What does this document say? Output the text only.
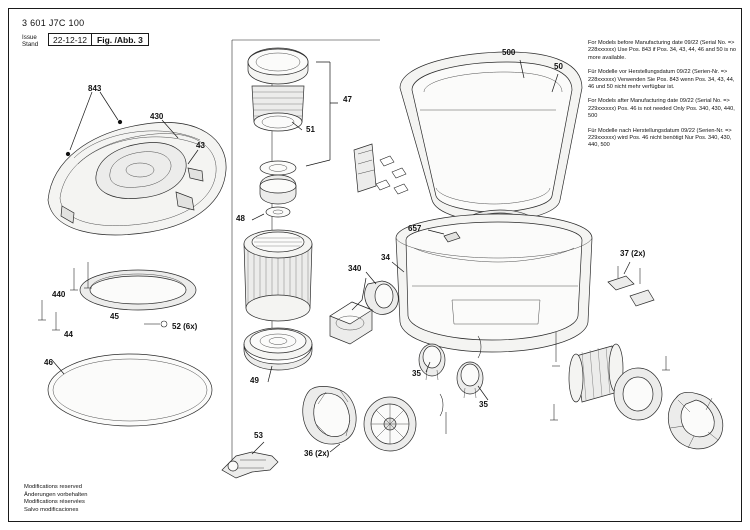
3 601 J7C 100
Issue
Stand	22-12-12	Fig. /Abb. 3	For Models before Manufacturing date 09/22 (Serial No. => 228xxxxxx) Use Pos. 843 if Pos. 34, 43, 44, 46 and 50 is no more available.

Für Modelle vor Herstellungsdatum 09/22 (Serien-Nr. => 228xxxxxx) Verwenden Sie Pos. 843 wenn Pos. 34, 43, 44, 46 und 50 nicht mehr verfügbar ist.

For Models after Manufacturing date 09/22 (Serial No. => 229xxxxxx) Pos. 46 is not needed Only Pos. 340, 430, 440, 500

Für Modelle nach Herstellungsdatum 09/22 (Serien-Nr. => 229xxxxxx) wird Pos. 46 nicht benötigt Nur Pos. 340, 430, 440, 500

Modifications reserved
Änderungen vorbehalten
Modifications réservées
Salvo modificaciones
843
430
43
440
44
45
52 (6x)
46
51
47
48
49
53
500
50
657
340
34
35
35
36 (2x)
37 (2x)
